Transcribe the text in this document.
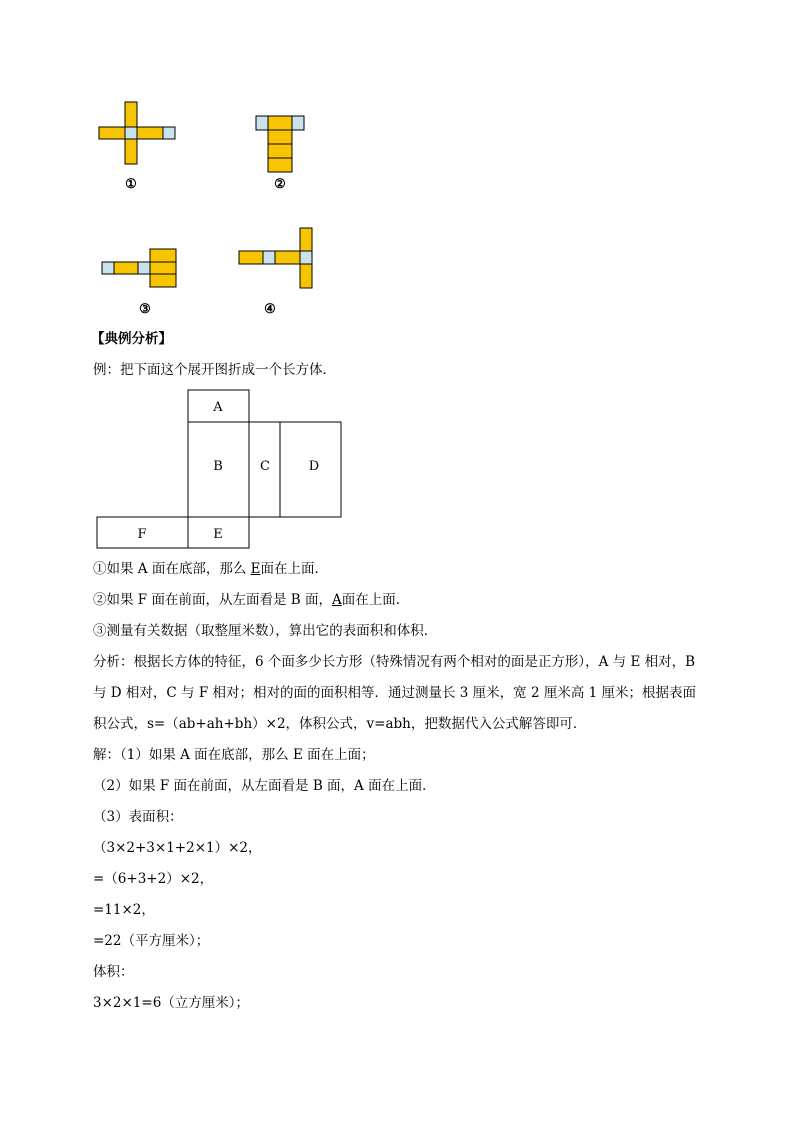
①	②
③	④
【典例分析】
例：把下面这个展开图折成一个长方体．
A
B	C	D
F	E
①如果 A 面在底部，那么 E面在上面．
②如果 F 面在前面，从左面看是 B 面，A面在上面．
③测量有关数据（取整厘米数），算出它的表面积和体积．
分析：根据长方体的特征，6 个面多少长方形（特殊情况有两个相对的面是正方形），A 与 E 相对，B
与 D 相对，C 与 F 相对；相对的面的面积相等．通过测量长 3 厘米，宽 2 厘米高 1 厘米；根据表面
积公式，s=（ab+ah+bh）×2，体积公式，v=abh，把数据代入公式解答即可．
解：（1）如果 A 面在底部，那么 E 面在上面；
（2）如果 F 面在前面，从左面看是 B 面，A 面在上面．
（3）表面积：
（3×2+3×1+2×1）×2，
=（6+3+2）×2，
=11×2，
=22（平方厘米）；
体积：
3×2×1=6（立方厘米）；
